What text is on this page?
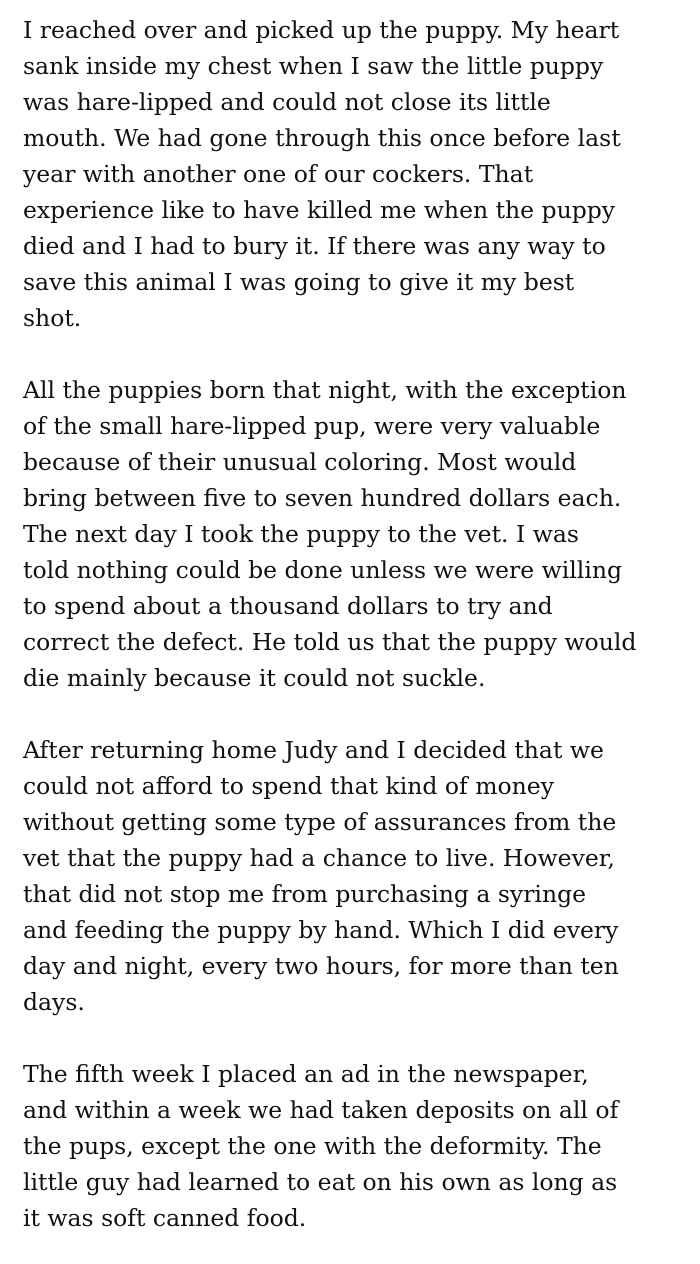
I reached over and picked up the puppy. My heart
sank inside my chest when I saw the little puppy
was hare-lipped and could not close its little
mouth. We had gone through this once before last
year with another one of our cockers. That
experience like to have killed me when the puppy
died and I had to bury it. If there was any way to
save this animal I was going to give it my best
shot.

All the puppies born that night, with the exception
of the small hare-lipped pup, were very valuable
because of their unusual coloring. Most would
bring between five to seven hundred dollars each.
The next day I took the puppy to the vet. I was
told nothing could be done unless we were willing
to spend about a thousand dollars to try and
correct the defect. He told us that the puppy would
die mainly because it could not suckle.

After returning home Judy and I decided that we
could not afford to spend that kind of money
without getting some type of assurances from the
vet that the puppy had a chance to live. However,
that did not stop me from purchasing a syringe
and feeding the puppy by hand. Which I did every
day and night, every two hours, for more than ten
days.

The fifth week I placed an ad in the newspaper,
and within a week we had taken deposits on all of
the pups, except the one with the deformity. The
little guy had learned to eat on his own as long as
it was soft canned food.
